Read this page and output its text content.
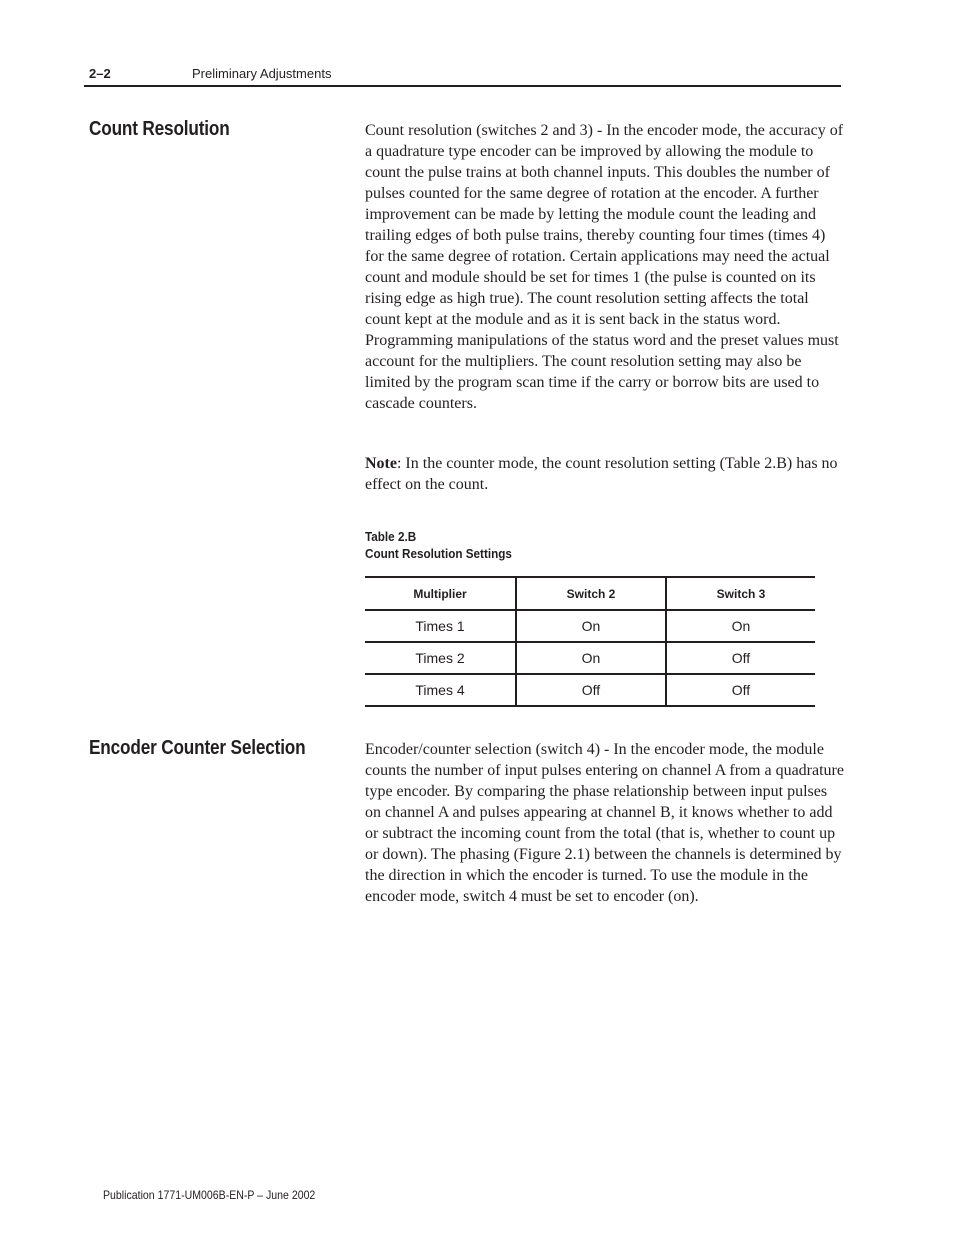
2–2	Preliminary Adjustments
Count Resolution	Count resolution (switches 2 and 3) - In the encoder mode, the accuracy of a quadrature type encoder can be improved by allowing the module to count the pulse trains at both channel inputs. This doubles the number of pulses counted for the same degree of rotation at the encoder. A further improvement can be made by letting the module count the leading and trailing edges of both pulse trains, thereby counting four times (times 4) for the same degree of rotation. Certain applications may need the actual count and module should be set for times 1 (the pulse is counted on its rising edge as high true). The count resolution setting affects the total count kept at the module and as it is sent back in the status word. Programming manipulations of the status word and the preset values must account for the multipliers. The count resolution setting may also be limited by the program scan time if the carry or borrow bits are used to cascade counters.

Note: In the counter mode, the count resolution setting (Table 2.B) has no effect on the count.

Table 2.B
Count Resolution Settings
Multiplier	Switch 2	Switch 3
Times 1	On	On
Times 2	On	Off
Times 4	Off	Off
Encoder Counter Selection	Encoder/counter selection (switch 4) - In the encoder mode, the module counts the number of input pulses entering on channel A from a quadrature type encoder. By comparing the phase relationship between input pulses on channel A and pulses appearing at channel B, it knows whether to add or subtract the incoming count from the total (that is, whether to count up or down). The phasing (Figure 2.1) between the channels is determined by the direction in which the encoder is turned. To use the module in the encoder mode, switch 4 must be set to encoder (on).

Publication 1771-UM006B-EN-P – June 2002
